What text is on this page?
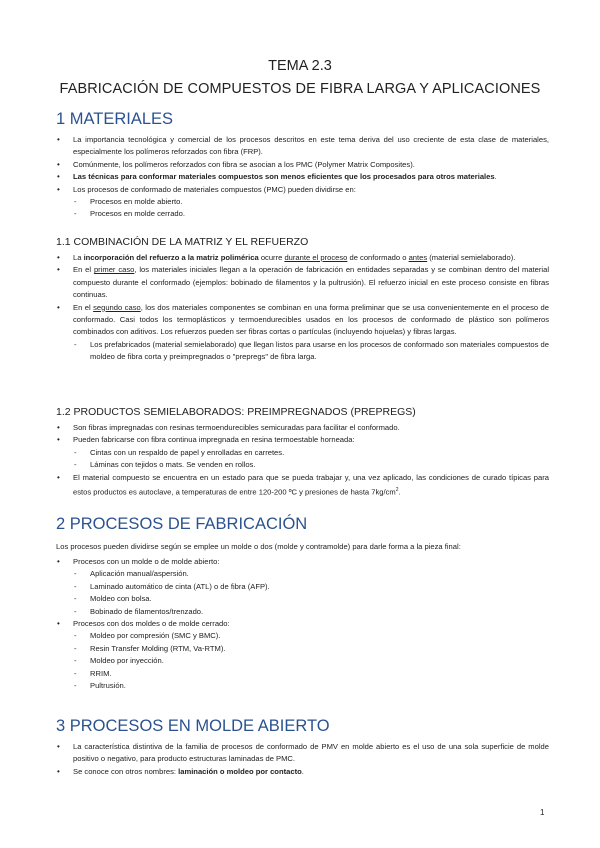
TEMA 2.3
FABRICACIÓN DE COMPUESTOS DE FIBRA LARGA Y APLICACIONES
1 MATERIALES
• La importancia tecnológica y comercial de los procesos descritos en este tema deriva del uso creciente de esta clase de materiales, especialmente los polímeros reforzados con fibra (FRP).
• Comúnmente, los polímeros reforzados con fibra se asocian a los PMC (Polymer Matrix Composites).
• Las técnicas para conformar materiales compuestos son menos eficientes que los procesados para otros materiales.
• Los procesos de conformado de materiales compuestos (PMC) pueden dividirse en:
- Procesos en molde abierto.
- Procesos en molde cerrado.
1.1 COMBINACIÓN DE LA MATRIZ Y EL REFUERZO
• La incorporación del refuerzo a la matriz polimérica ocurre durante el proceso de conformado o antes (material semielaborado).
• En el primer caso, los materiales iniciales llegan a la operación de fabricación en entidades separadas y se combinan dentro del material compuesto durante el conformado (ejemplos: bobinado de filamentos y la pultrusión). El refuerzo inicial en este proceso consiste en fibras continuas.
• En el segundo caso, los dos materiales componentes se combinan en una forma preliminar que se usa convenientemente en el proceso de conformado. Casi todos los termoplásticos y termoendurecibles usados en los procesos de conformado de plástico son polímeros combinados con aditivos. Los refuerzos pueden ser fibras cortas o partículas (incluyendo hojuelas) y fibras largas.
- Los prefabricados (material semielaborado) que llegan listos para usarse en los procesos de conformado son materiales compuestos de moldeo de fibra corta y preimpregnados o "prepregs" de fibra larga.
1.2 PRODUCTOS SEMIELABORADOS: PREIMPREGNADOS (PREPREGS)
• Son fibras impregnadas con resinas termoendurecibles semicuradas para facilitar el conformado.
• Pueden fabricarse con fibra continua impregnada en resina termoestable horneada:
- Cintas con un respaldo de papel y enrolladas en carretes.
- Láminas con tejidos o mats. Se venden en rollos.
• El material compuesto se encuentra en un estado para que se pueda trabajar y, una vez aplicado, las condiciones de curado típicas para estos productos es autoclave, a temperaturas de entre 120-200 ºC y presiones de hasta $7kg/cm^2$.
2 PROCESOS DE FABRICACIÓN
Los procesos pueden dividirse según se emplee un molde o dos (molde y contramolde) para darle forma a la pieza final:
• Procesos con un molde o de molde abierto:
- Aplicación manual/aspersión.
- Laminado automático de cinta (ATL) o de fibra (AFP).
- Moldeo con bolsa.
- Bobinado de filamentos/trenzado.
• Procesos con dos moldes o de molde cerrado:
- Moldeo por compresión (SMC y BMC).
- Resin Transfer Molding (RTM, Va-RTM).
- Moldeo por inyección.
- RRIM.
- Pultrusión.
3 PROCESOS EN MOLDE ABIERTO
• La característica distintiva de la familia de procesos de conformado de PMV en molde abierto es el uso de una sola superficie de molde positivo o negativo, para producto estructuras laminadas de PMC.
• Se conoce con otros nombres: laminación o moldeo por contacto.
1
